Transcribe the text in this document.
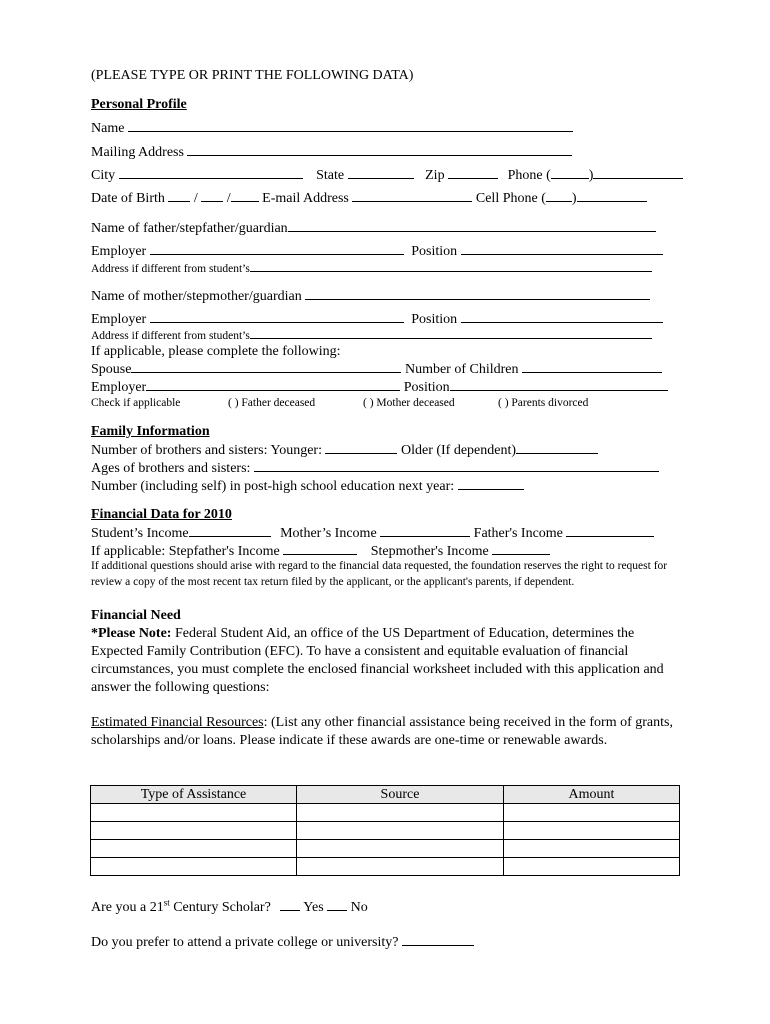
(PLEASE TYPE OR PRINT THE FOLLOWING DATA)
Personal Profile
Name
Mailing Address
City	State	Zip	Phone (	)
Date of Birth / / E-mail Address	Cell Phone ( )
Name of father/stepfather/guardian
Employer	Position
Address if different from student’s
Name of mother/stepmother/guardian
Employer	Position
Address if different from student’s
If applicable, please complete the following:
Spouse	Number of Children
Employer	Position
Check if applicable	( ) Father deceased	( ) Mother deceased	( ) Parents divorced
Family Information
Number of brothers and sisters: Younger:	Older (If dependent)
Ages of brothers and sisters:
Number (including self) in post-high school education next year:
Financial Data for 2010
Student’s Income	Mother’s Income	Father's Income
If applicable: Stepfather's Income	Stepmother's Income
If additional questions should arise with regard to the financial data requested, the foundation reserves the right to request for review a copy of the most recent tax return filed by the applicant, or the applicant's parents, if dependent.
Financial Need
*Please Note: Federal Student Aid, an office of the US Department of Education, determines the Expected Family Contribution (EFC). To have a consistent and equitable evaluation of financial circumstances, you must complete the enclosed financial worksheet included with this application and answer the following questions:
Estimated Financial Resources: (List any other financial assistance being received in the form of grants, scholarships and/or loans. Please indicate if these awards are one-time or renewable awards.
Type of Assistance	Source	Amount

Are you a 21st Century Scholar? Yes No
Do you prefer to attend a private college or university?
